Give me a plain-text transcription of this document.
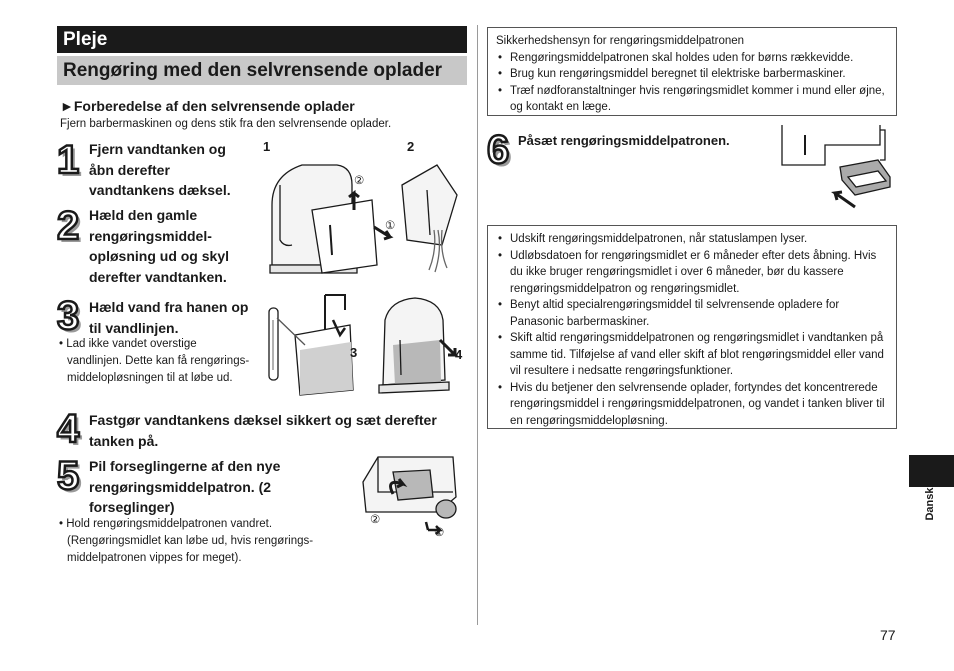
Pleje
Rengøring med den selvrensende oplader
►Forberedelse af den selvrensende oplader
Fjern barbermaskinen og dens stik fra den selvrensende oplader.
1 Fjern vandtanken og
åbn derefter
vandtankens dæksel.
2 Hæld den gamle
rengøringsmiddel-
opløsning ud og skyl
derefter vandtanken.
3 Hæld vand fra hanen op
til vandlinjen.
• Lad ikke vandet overstige
vandlinjen. Dette kan få rengørings-
middelopløsningen til at løbe ud.
4 Fastgør vandtankens dæksel sikkert og sæt derefter
tanken på.
5 Pil forseglingerne af den nye
rengøringsmiddelpatron. (2
forseglinger)
• Hold rengøringsmiddelpatronen vandret.
(Rengøringsmidlet kan løbe ud, hvis rengørings-
middelpatronen vippes for meget).
1	2
②
①
3	4
②
①
Sikkerhedshensyn for rengøringsmiddelpatronen
• Rengøringsmiddelpatronen skal holdes uden for børns rækkevidde.
• Brug kun rengøringsmiddel beregnet til elektriske barbermaskiner.
• Træf nødforanstaltninger hvis rengøringsmidlet kommer i mund eller øjne, og kontakt en læge.
6 Påsæt rengøringsmiddelpatronen.
• Udskift rengøringsmiddelpatronen, når statuslampen lyser.
• Udløbsdatoen for rengøringsmidlet er 6 måneder efter dets åbning. Hvis du ikke bruger rengøringsmidlet i over 6 måneder, bør du kassere rengøringsmiddelpatron og rengøringsmidlet.
• Benyt altid specialrengøringsmiddel til selvrensende opladere for Panasonic barbermaskiner.
• Skift altid rengøringsmiddelpatronen og rengøringsmidlet i vandtanken på samme tid. Tilføjelse af vand eller skift af blot rengøringsmiddel eller vand vil resultere i nedsatte rengøringsfunktioner.
• Hvis du betjener den selvrensende oplader, fortyndes det koncentrerede rengøringsmiddel i rengøringsmiddelpatronen, og vandet i tanken bliver til en rengøringsmiddelopløsning.
Dansk
77
